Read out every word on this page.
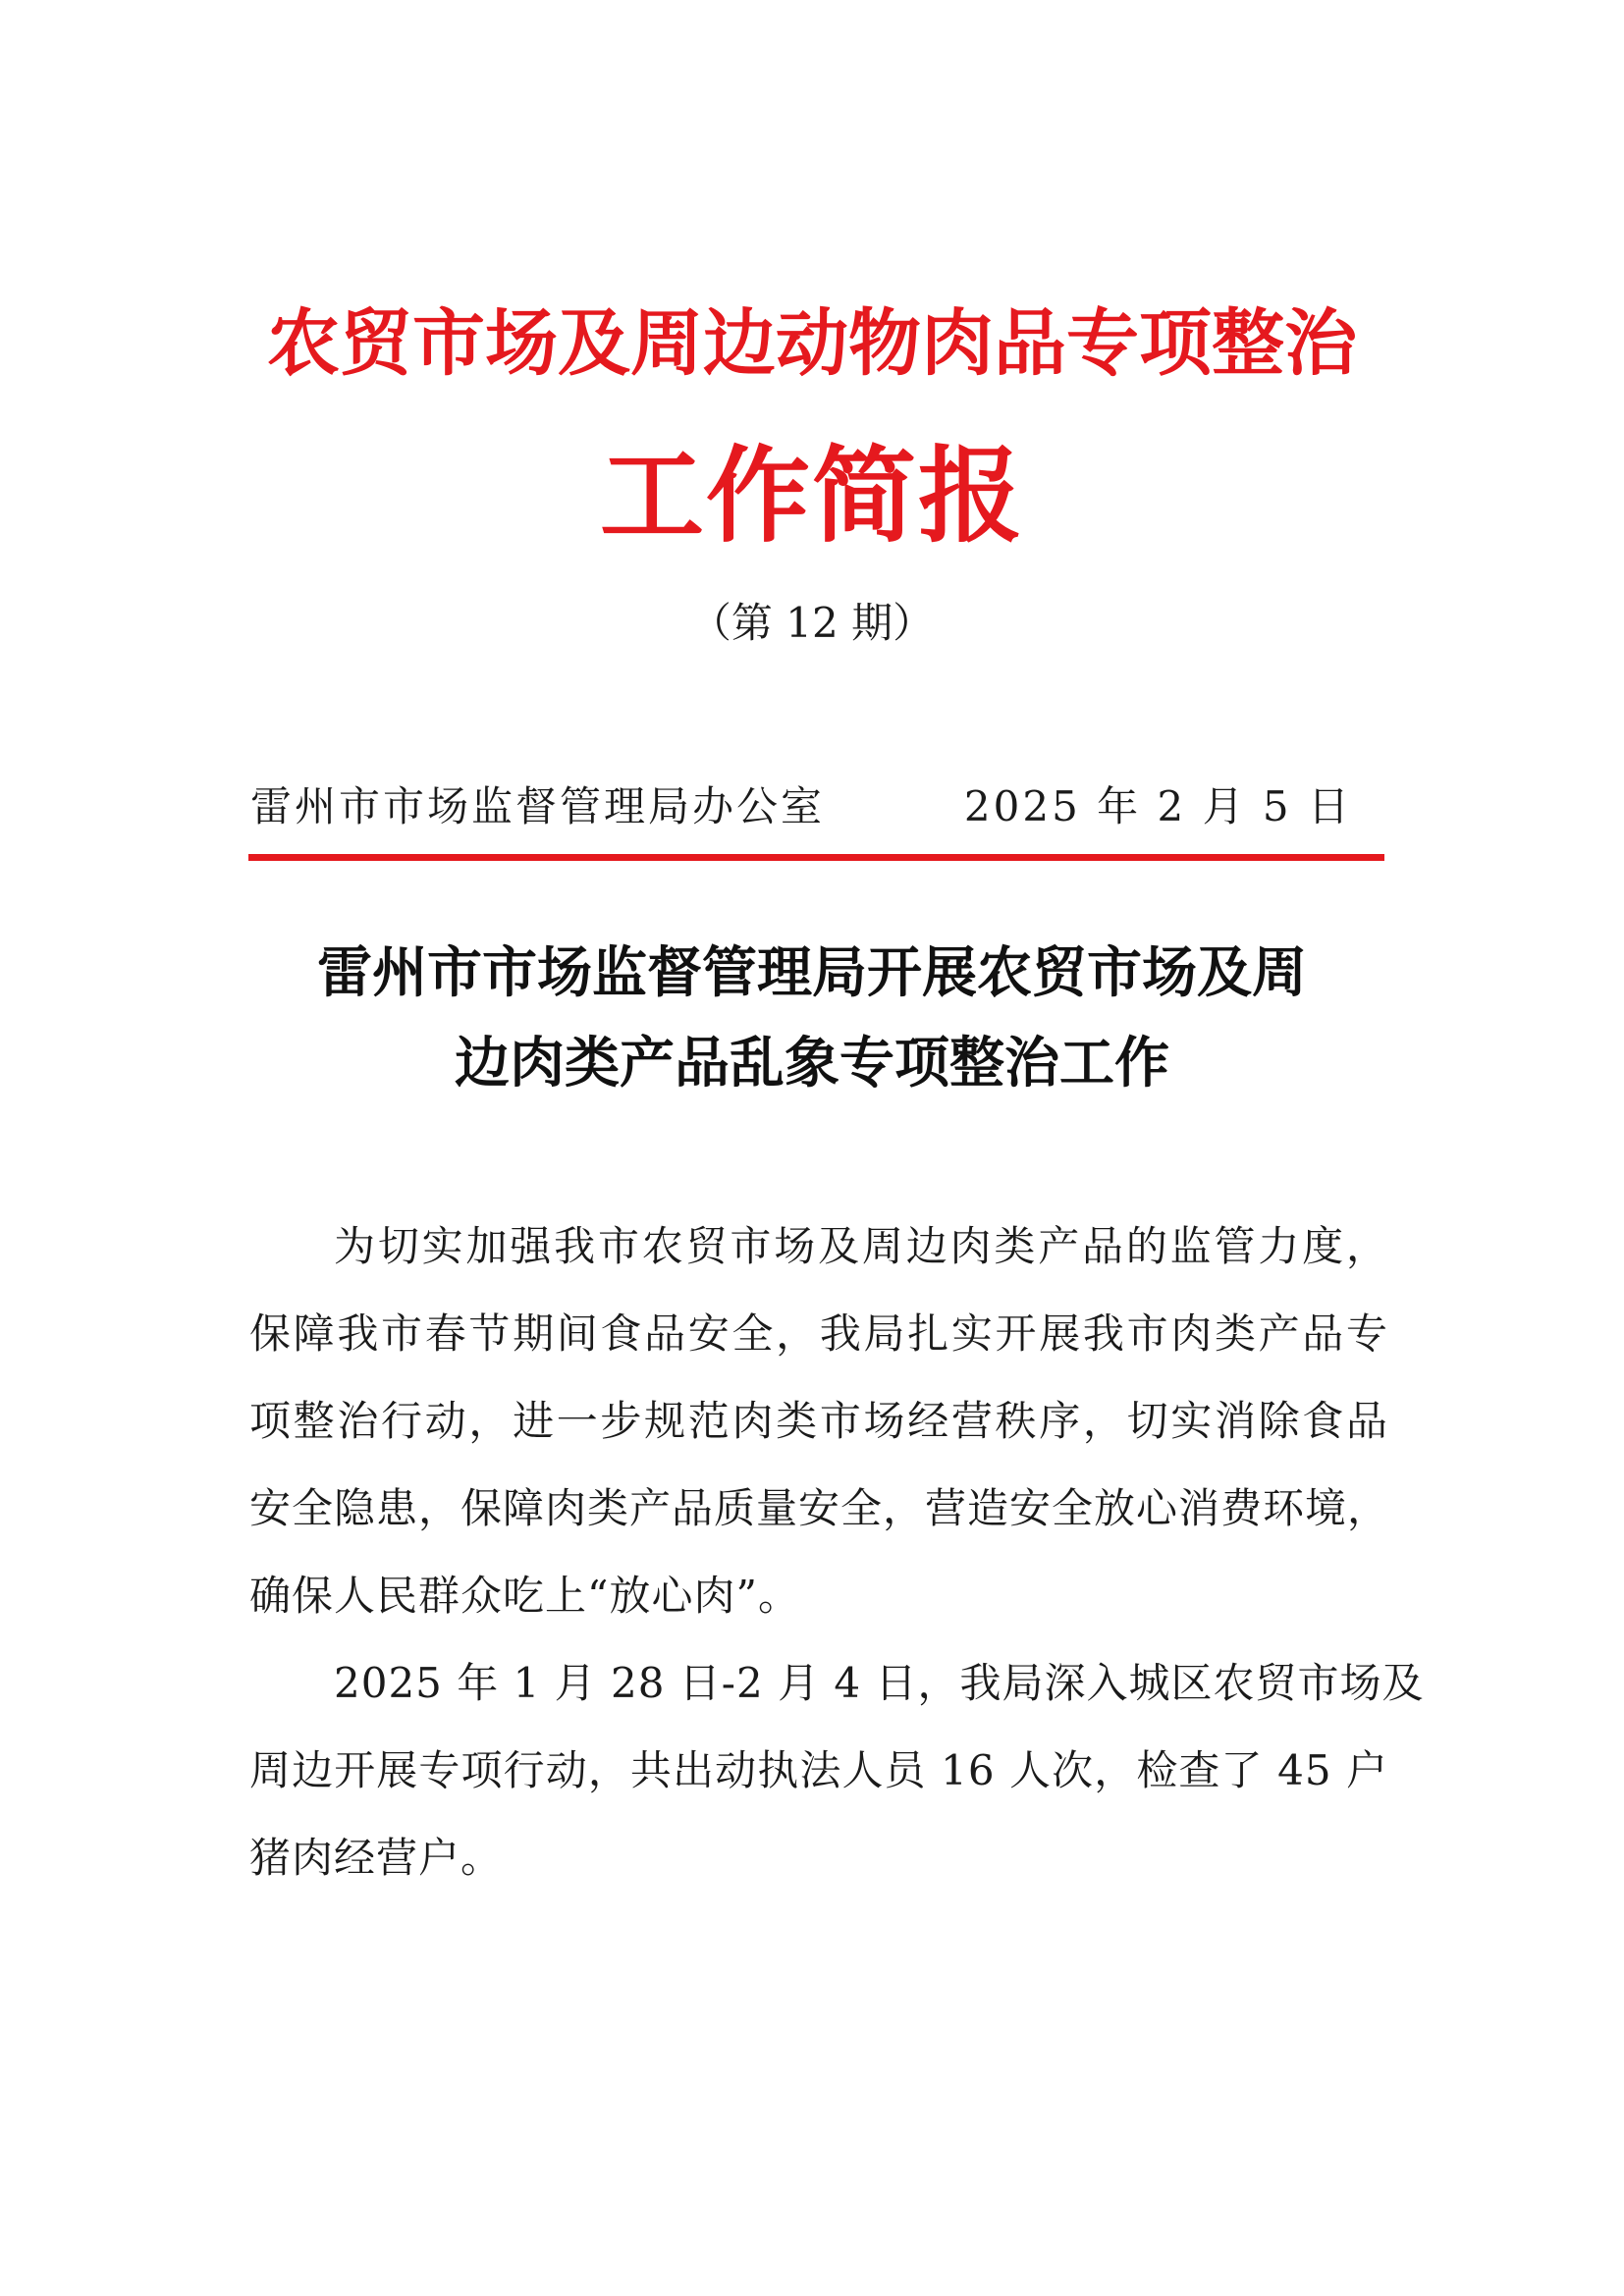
农贸市场及周边动物肉品专项整治
工作简报
（第 12 期）
雷州市市场监督管理局办公室	2025 年 2 月 5 日
雷州市市场监督管理局开展农贸市场及周
边肉类产品乱象专项整治工作
为切实加强我市农贸市场及周边肉类产品的监管力度，
保障我市春节期间食品安全，我局扎实开展我市肉类产品专
项整治行动，进一步规范肉类市场经营秩序，切实消除食品
安全隐患，保障肉类产品质量安全，营造安全放心消费环境，
确保人民群众吃上“放心肉”。
2025 年 1 月 28 日-2 月 4 日，我局深入城区农贸市场及
周边开展专项行动，共出动执法人员 16 人次，检查了 45 户
猪肉经营户。
